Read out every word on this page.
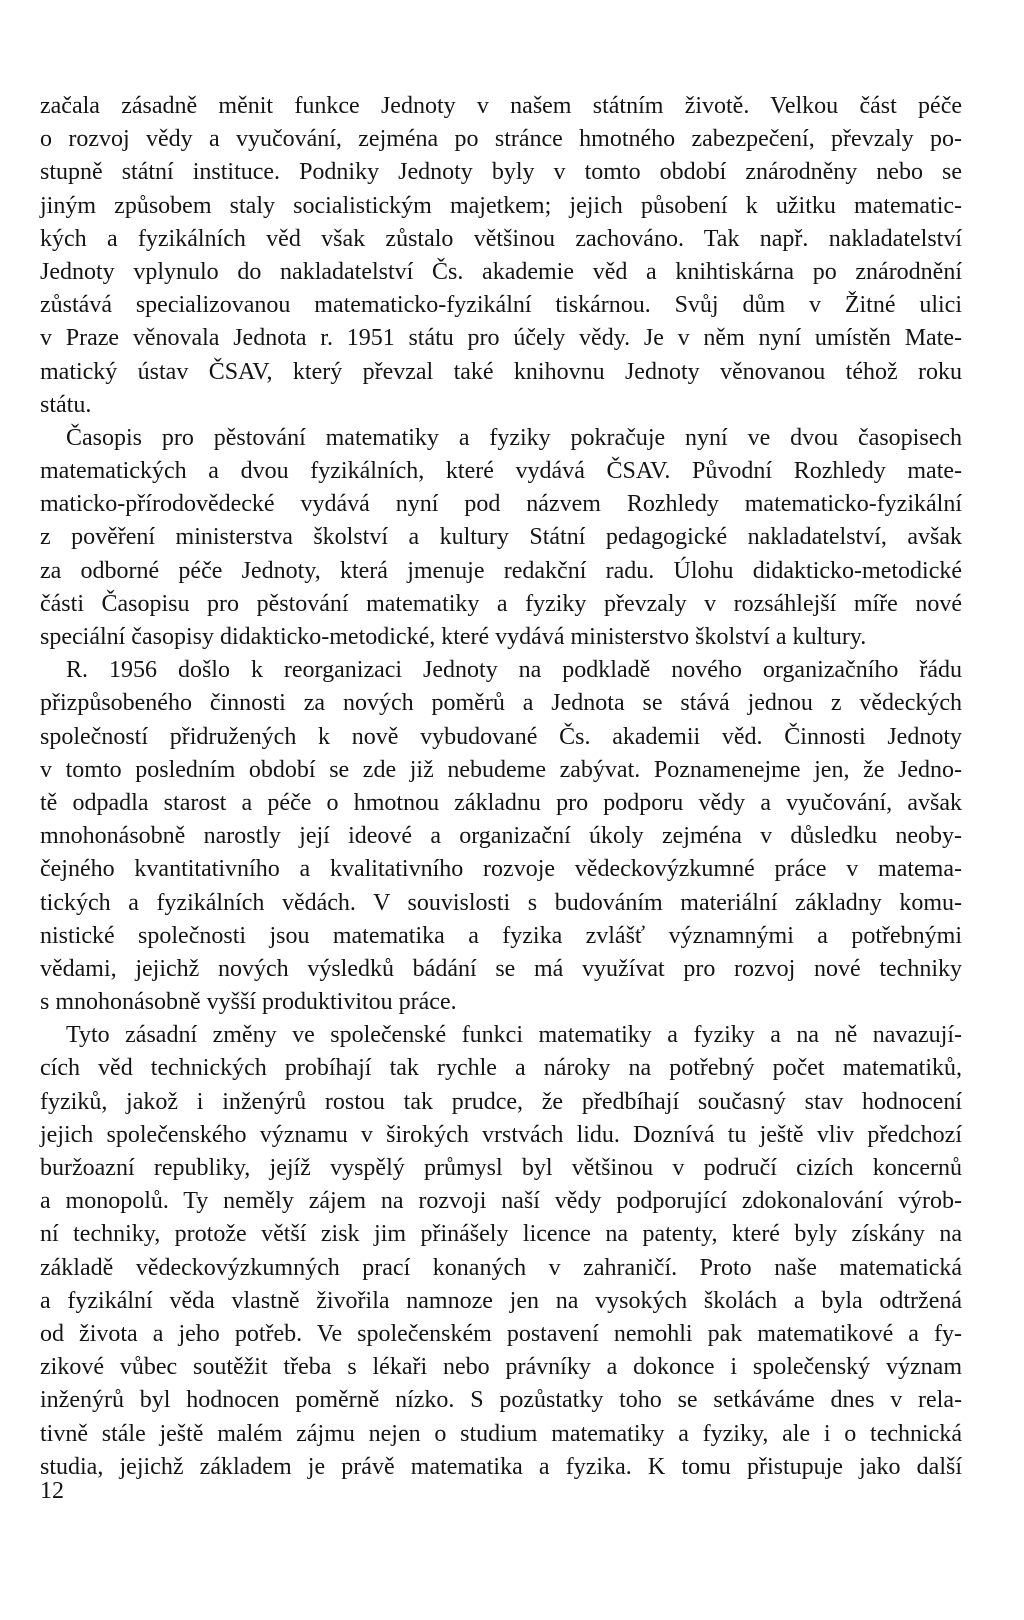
začala zásadně měnit funkce Jednoty v našem státním životě. Velkou část péče
o rozvoj vědy a vyučování, zejména po stránce hmotného zabezpečení, převzaly po-
stupně státní instituce. Podniky Jednoty byly v tomto období znárodněny nebo se
jiným způsobem staly socialistickým majetkem; jejich působení k užitku matematic-
kých a fyzikálních věd však zůstalo většinou zachováno. Tak např. nakladatelství
Jednoty vplynulo do nakladatelství Čs. akademie věd a knihtiskárna po znárodnění
zůstává specializovanou matematicko-fyzikální tiskárnou. Svůj dům v Žitné ulici
v Praze věnovala Jednota r. 1951 státu pro účely vědy. Je v něm nyní umístěn Mate-
matický ústav ČSAV, který převzal také knihovnu Jednoty věnovanou téhož roku
státu.
Časopis pro pěstování matematiky a fyziky pokračuje nyní ve dvou časopisech
matematických a dvou fyzikálních, které vydává ČSAV. Původní Rozhledy mate-
maticko-přírodovědecké vydává nyní pod názvem Rozhledy matematicko-fyzikální
z pověření ministerstva školství a kultury Státní pedagogické nakladatelství, avšak
za odborné péče Jednoty, která jmenuje redakční radu. Úlohu didakticko-metodické
části Časopisu pro pěstování matematiky a fyziky převzaly v rozsáhlejší míře nové
speciální časopisy didakticko-metodické, které vydává ministerstvo školství a kultury.
R. 1956 došlo k reorganizaci Jednoty na podkladě nového organizačního řádu
přizpůsobeného činnosti za nových poměrů a Jednota se stává jednou z vědeckých
společností přidružených k nově vybudované Čs. akademii věd. Činnosti Jednoty
v tomto posledním období se zde již nebudeme zabývat. Poznamenejme jen, že Jedno-
tě odpadla starost a péče o hmotnou základnu pro podporu vědy a vyučování, avšak
mnohonásobně narostly její ideové a organizační úkoly zejména v důsledku neoby-
čejného kvantitativního a kvalitativního rozvoje vědeckovýzkumné práce v matema-
tických a fyzikálních vědách. V souvislosti s budováním materiální základny komu-
nistické společnosti jsou matematika a fyzika zvlášť významnými a potřebnými
vědami, jejichž nových výsledků bádání se má využívat pro rozvoj nové techniky
s mnohonásobně vyšší produktivitou práce.
Tyto zásadní změny ve společenské funkci matematiky a fyziky a na ně navazují-
cích věd technických probíhají tak rychle a nároky na potřebný počet matematiků,
fyziků, jakož i inženýrů rostou tak prudce, že předbíhají současný stav hodnocení
jejich společenského významu v širokých vrstvách lidu. Doznívá tu ještě vliv předchozí
buržoazní republiky, jejíž vyspělý průmysl byl většinou v područí cizích koncernů
a monopolů. Ty neměly zájem na rozvoji naší vědy podporující zdokonalování výrob-
ní techniky, protože větší zisk jim přinášely licence na patenty, které byly získány na
základě vědeckovýzkumných prací konaných v zahraničí. Proto naše matematická
a fyzikální věda vlastně živořila namnoze jen na vysokých školách a byla odtržená
od života a jeho potřeb. Ve společenském postavení nemohli pak matematikové a fy-
zikové vůbec soutěžit třeba s lékaři nebo právníky a dokonce i společenský význam
inženýrů byl hodnocen poměrně nízko. S pozůstatky toho se setkáváme dnes v rela-
tivně stále ještě malém zájmu nejen o studium matematiky a fyziky, ale i o technická
studia, jejichž základem je právě matematika a fyzika. K tomu přistupuje jako další
12
